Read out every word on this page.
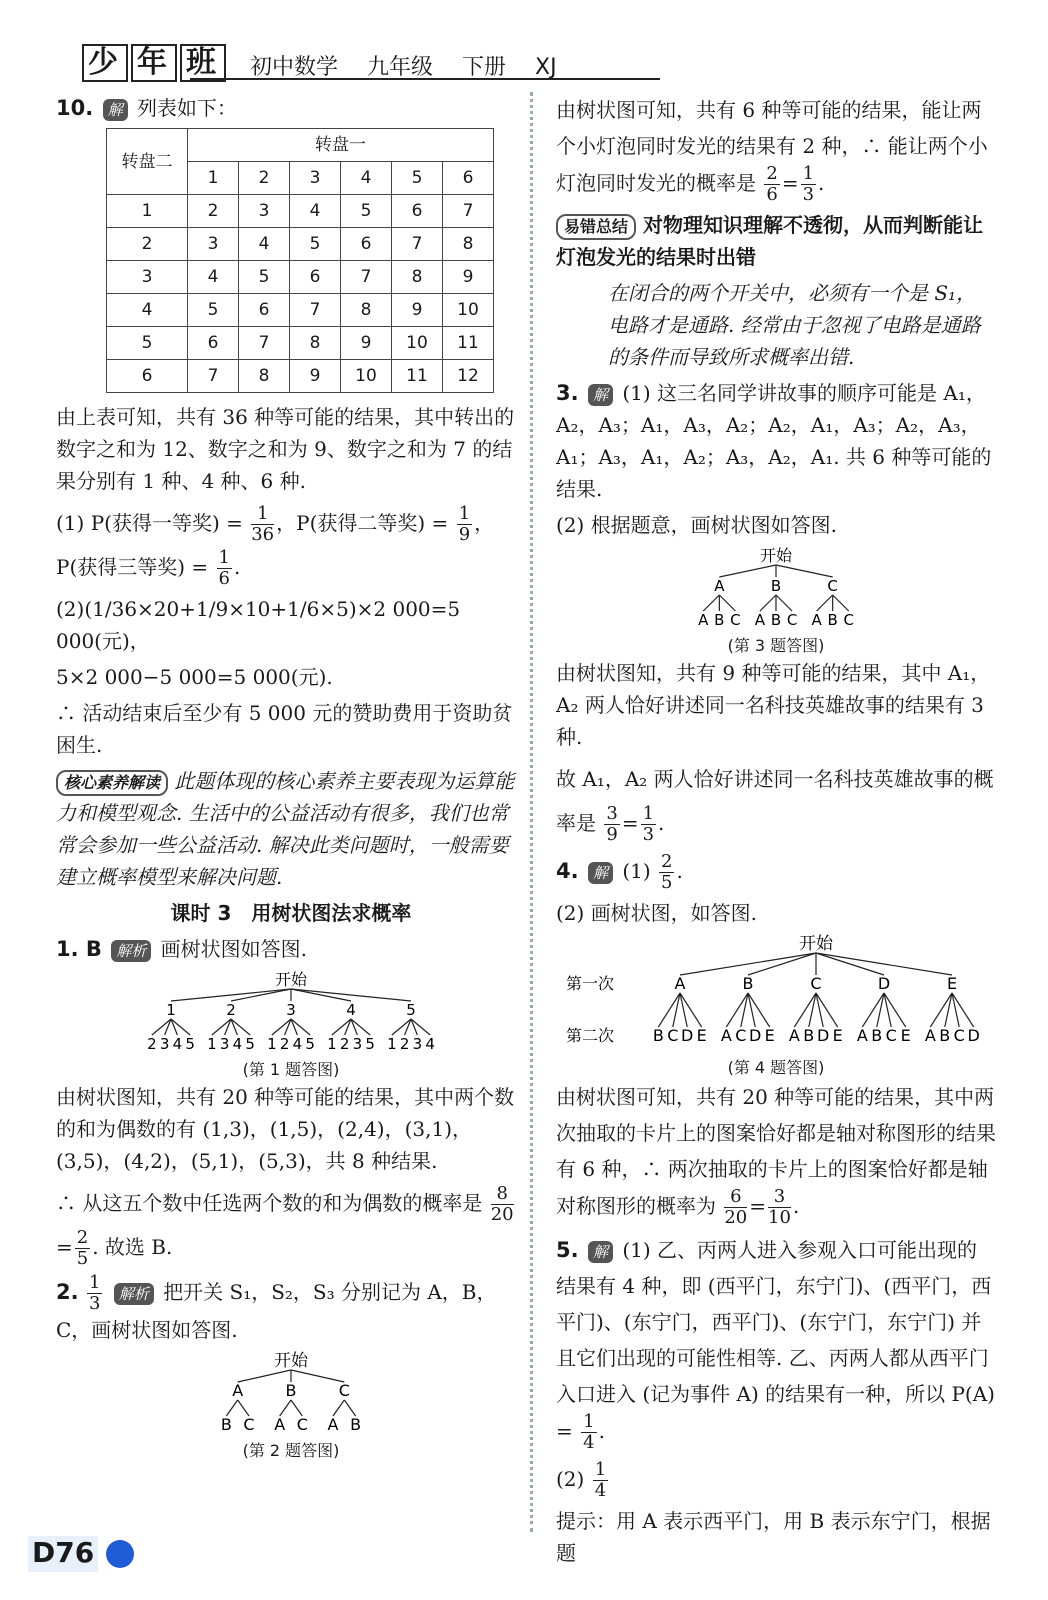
少 年 班	初中数学 九年级 下册 XJ

10. 解 列表如下：

转盘二	转盘一					
	1	2	3	4	5	6
1	2	3	4	5	6	7
2	3	4	5	6	7	8
3	4	5	6	7	8	9
4	5	6	7	8	9	10
5	6	7	8	9	10	11
6	7	8	9	10	11	12

由上表可知，共有 36 种等可能的结果，其中转出的数字之和为 12、数字之和为 9、数字之和为 7 的结果分别有 1 种、4 种、6 种.

(1) P(获得一等奖) = $\frac{1}{36}$ ，P(获得二等奖) = $\frac{1}{9}$ ，P(获得三等奖) = $\frac{1}{6}$ .

(2)(1/36×20+1/9×10+1/6×5)×2 000=5 000(元)，

5×2 000−5 000=5 000(元).

∴ 活动结束后至少有 5 000 元的赞助费用于资助贫困生.

核心素养解读 此题体现的核心素养主要表现为运算能力和模型观念. 生活中的公益活动有很多，我们也常常会参加一些公益活动. 解决此类问题时，一般需要建立概率模型来解决问题.

课时 3　用树状图法求概率

1. B 解析 画树状图如答图.

开始
1
2 3 4 5
2
1 3 4 5
3
1 2 4 5
4
1 2 3 5
5
1 2 3 4
(第 1 题答图)

由树状图知，共有 20 种等可能的结果，其中两个数的和为偶数的有 (1,3)，(1,5)，(2,4)，(3,1)，(3,5)，(4,2)，(5,1)，(5,3)，共 8 种结果.

∴ 从这五个数中任选两个数的和为偶数的概率是 $\frac{8}{20}$
= $\frac{2}{5}$ . 故选 B.

2. $\frac{1}{3}$ 解析 把开关 S₁，S₂，S₃ 分别记为 A，B，C，画树状图如答图.

开始
A
B C
B
A C
C
A B
(第 2 题答图)

由树状图可知，共有 6 种等可能的结果，能让两个小灯泡同时发光的结果有 2 种，∴ 能让两个小灯泡同时发光的概率是 $\frac{2}{6} = \frac{1}{3}$ .

易错总结 对物理知识理解不透彻，从而判断能让灯泡发光的结果时出错

在闭合的两个开关中，必须有一个是 S₁，电路才是通路. 经常由于忽视了电路是通路的条件而导致所求概率出错.

3. 解 (1) 这三名同学讲故事的顺序可能是 A₁，A₂，A₃；A₁，A₃，A₂；A₂，A₁，A₃；A₂，A₃，A₁；A₃，A₁，A₂；A₃，A₂，A₁. 共 6 种等可能的结果.

(2) 根据题意，画树状图如答图.

开始
A
A B C
B
A B C
C
A B C
(第 3 题答图)

由树状图知，共有 9 种等可能的结果，其中 A₁，A₂ 两人恰好讲述同一名科技英雄故事的结果有 3 种.

故 A₁，A₂ 两人恰好讲述同一名科技英雄故事的概率是 $\frac{3}{9} = \frac{1}{3}$ .

4. 解 $(1) \frac{2}{5}$ .

(2) 画树状图，如答图.

开始
第一次
第二次
A
B C D E
B
A C D E
C
A B D E
D
A B C E
E
A B C D
(第 4 题答图)

由树状图可知，共有 20 种等可能的结果，其中两次抽取的卡片上的图案恰好都是轴对称图形的结果有 6 种，∴ 两次抽取的卡片上的图案恰好都是轴对称图形的概率为 $\frac{6}{20} = \frac{3}{10}$ .

5. 解 (1) 乙、丙两人进入参观入口可能出现的结果有 4 种，即 (西平门，东宁门)、(西平门，西平门)、(东宁门，西平门)、(东宁门，东宁门) 并且它们出现的可能性相等. 乙、丙两人都从西平门入口进入 (记为事件 A) 的结果有一种，所以 $P(A) = \frac{1}{4}$ .

$(2) \frac{1}{4}$

提示：用 A 表示西平门，用 B 表示东宁门，根据题

D76
